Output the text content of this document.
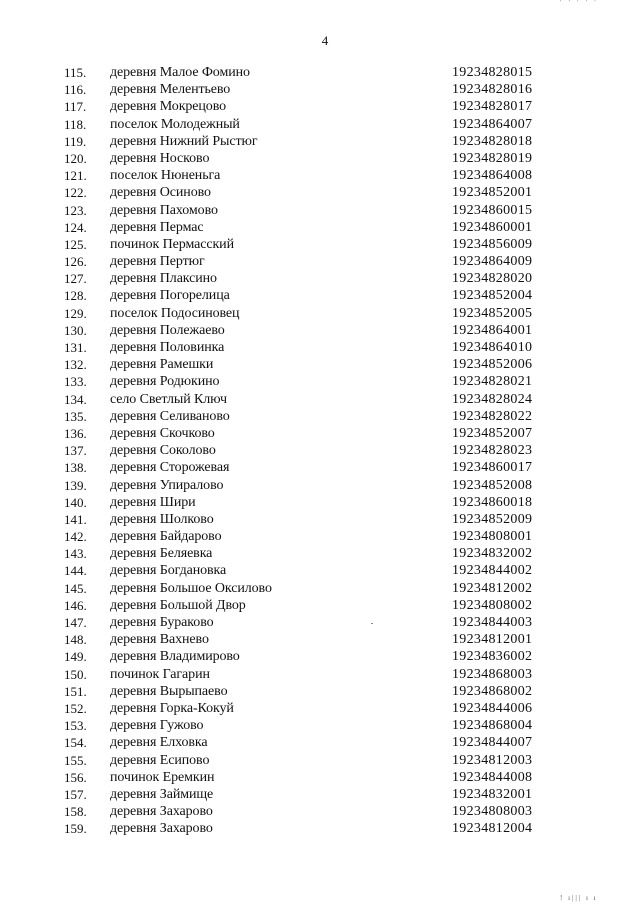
' ' ' ' '
4
115.	деревня Малое Фомино	19234828015
116.	деревня Мелентьево	19234828016
117.	деревня Мокрецово	19234828017
118.	поселок Молодежный	19234864007
119.	деревня Нижний Рыстюг	19234828018
120.	деревня Носково	19234828019
121.	поселок Нюненьга	19234864008
122.	деревня Осиново	19234852001
123.	деревня Пахомово	19234860015
124.	деревня Пермас	19234860001
125.	починок Пермасский	19234856009
126.	деревня Пертюг	19234864009
127.	деревня Плаксино	19234828020
128.	деревня Погорелица	19234852004
129.	поселок Подосиновец	19234852005
130.	деревня Полежаево	19234864001
131.	деревня Половинка	19234864010
132.	деревня Рамешки	19234852006
133.	деревня Родюкино	19234828021
134.	село Светлый Ключ	19234828024
135.	деревня Селиваново	19234828022
136.	деревня Скочково	19234852007
137.	деревня Соколово	19234828023
138.	деревня Сторожевая	19234860017
139.	деревня Упиралово	19234852008
140.	деревня Шири	19234860018
141.	деревня Шолково	19234852009
142.	деревня Байдарово	19234808001
143.	деревня Беляевка	19234832002
144.	деревня Богдановка	19234844002
145.	деревня Большое Оксилово	19234812002
146.	деревня Большой Двор	19234808002
147.	деревня Бураково	19234844003
148.	деревня Вахнево	19234812001
149.	деревня Владимирово	19234836002
150.	починок Гагарин	19234868003
151.	деревня Вырыпаево	19234868002
152.	деревня Горка-Кокуй	19234844006
153.	деревня Гужово	19234868004
154.	деревня Елховка	19234844007
155.	деревня Есипово	19234812003
156.	починок Еремкин	19234844008
157.	деревня Займище	19234832001
158.	деревня Захарово	19234808003
159.	деревня Захарово	19234812004
! ı||| ı ı
